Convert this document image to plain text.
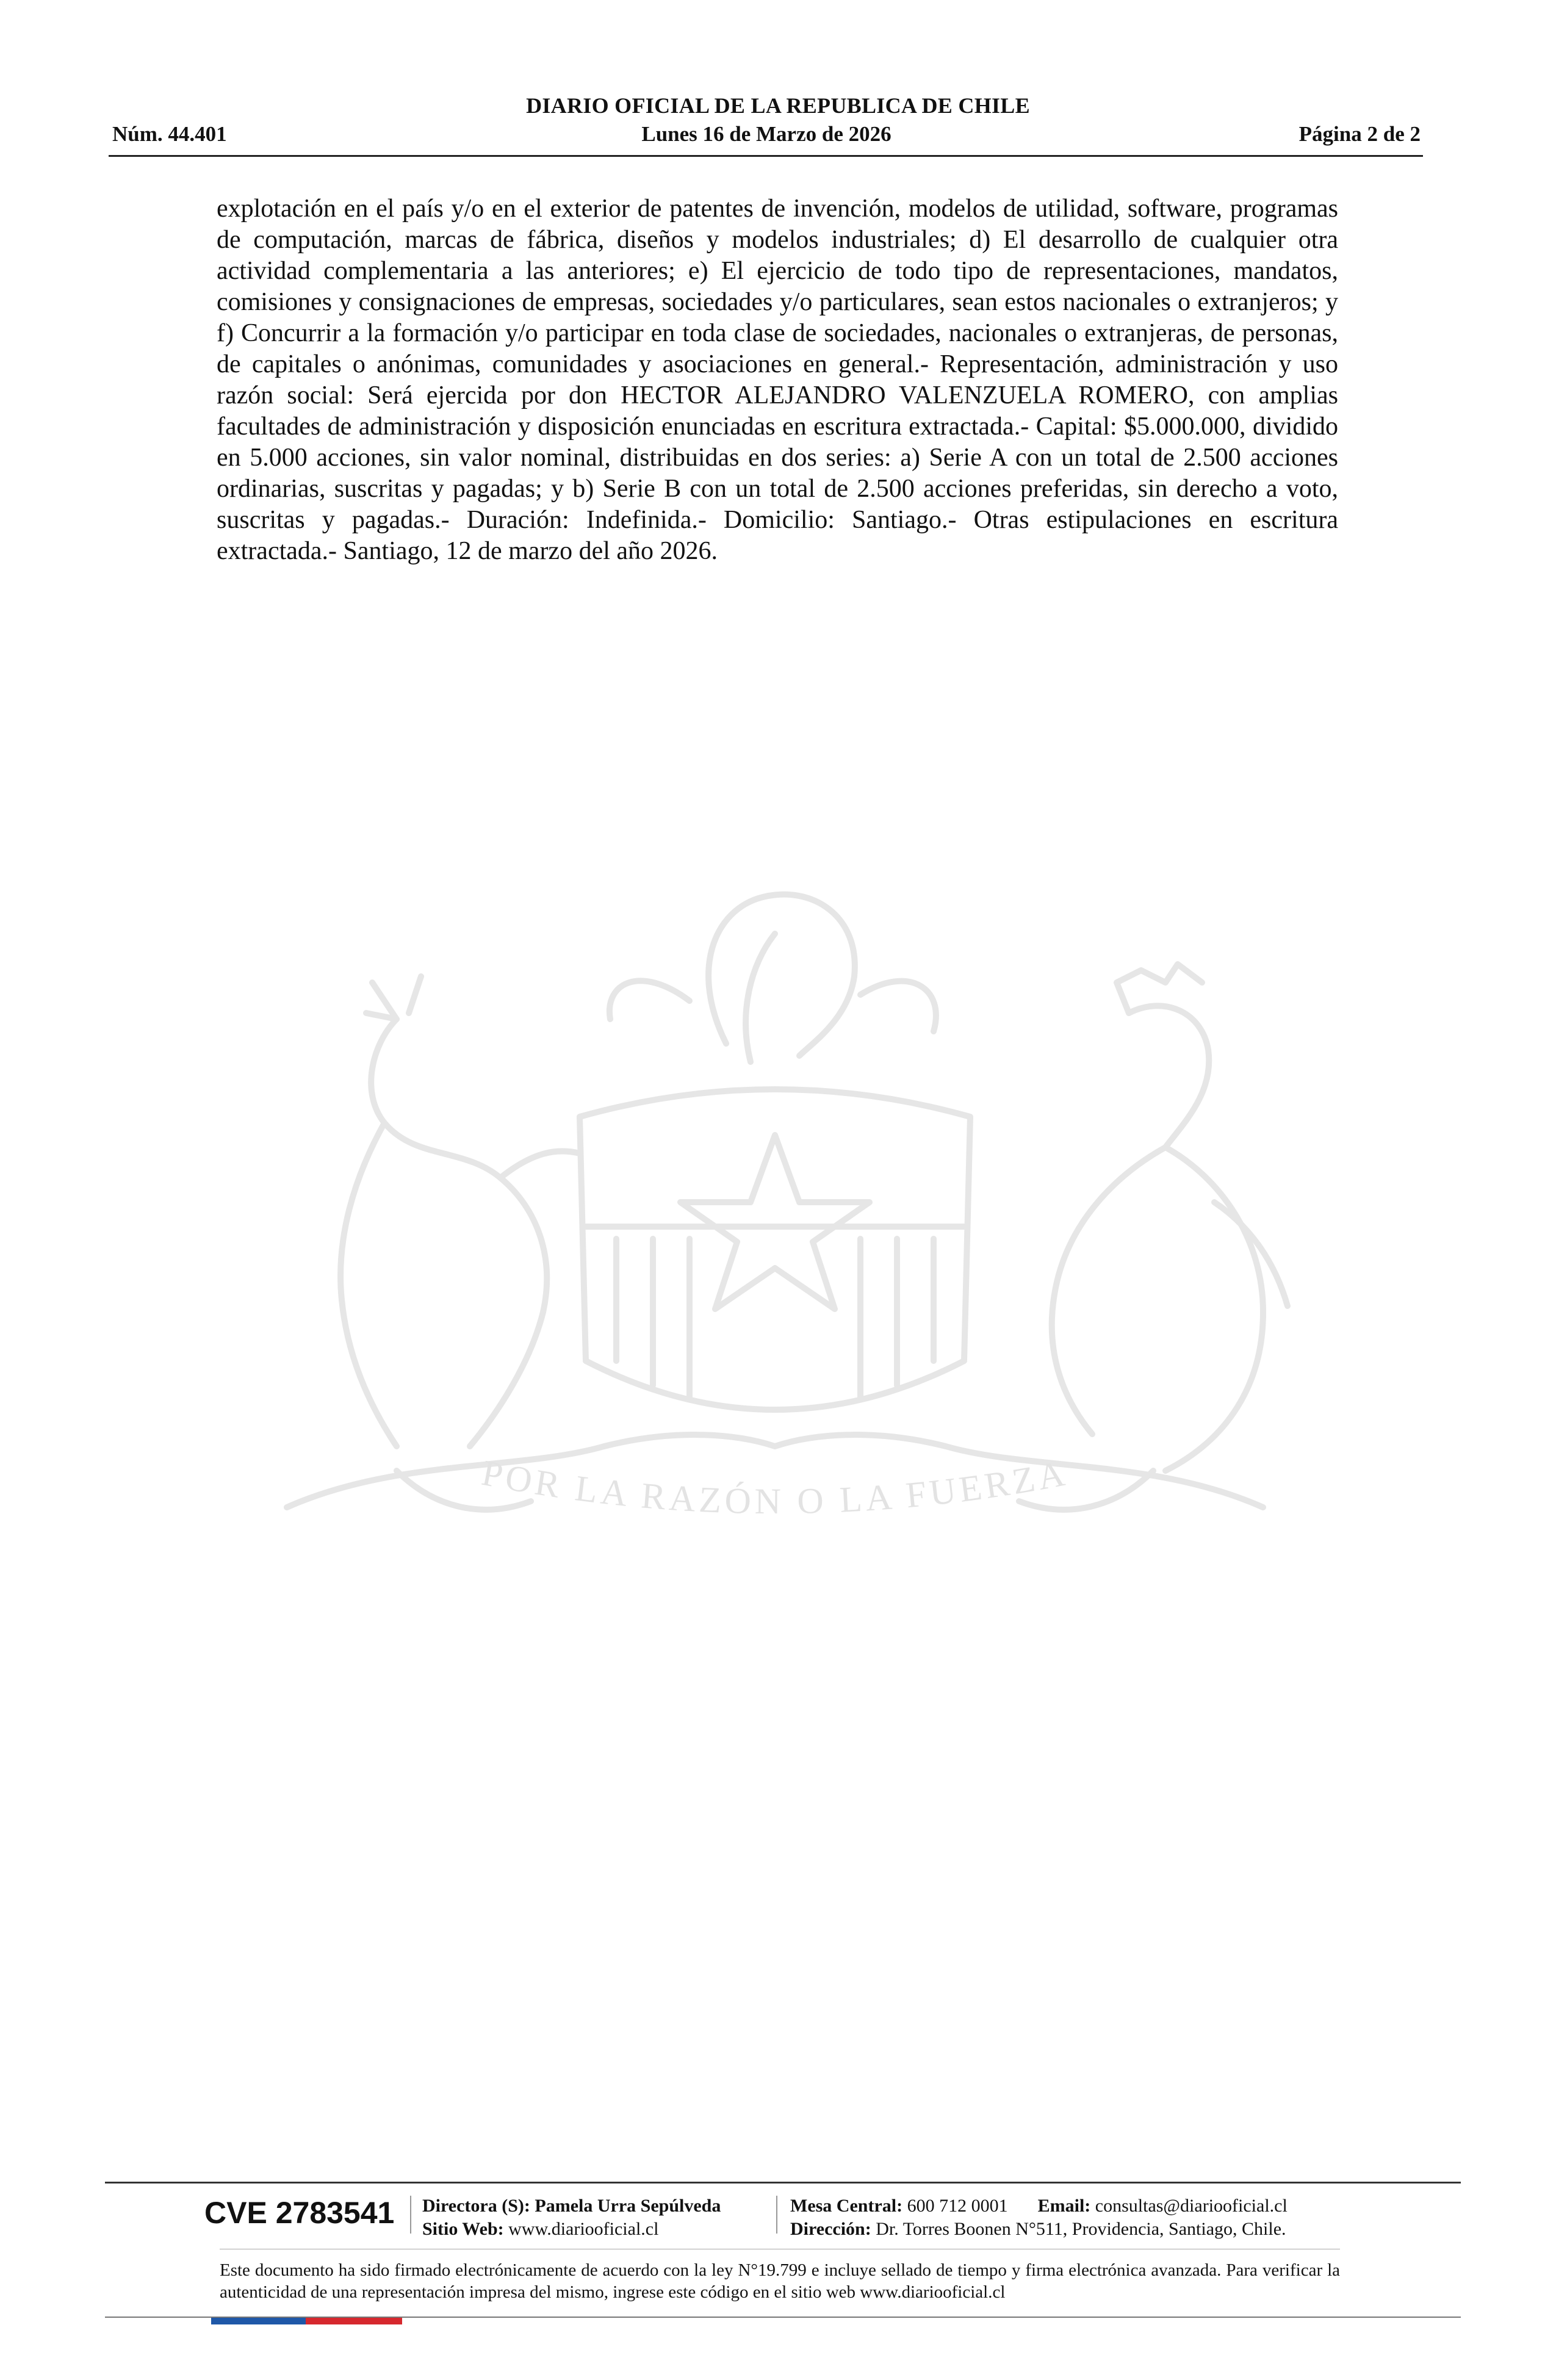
DIARIO OFICIAL DE LA REPUBLICA DE CHILE
Núm. 44.401	Lunes 16 de Marzo de 2026	Página 2 de 2

explotación en el país y/o en el exterior de patentes de invención, modelos de utilidad, software, programas de computación, marcas de fábrica, diseños y modelos industriales; d) El desarrollo de cualquier otra actividad complementaria a las anteriores; e) El ejercicio de todo tipo de representaciones, mandatos, comisiones y consignaciones de empresas, sociedades y/o particulares, sean estos nacionales o extranjeros; y f) Concurrir a la formación y/o participar en toda clase de sociedades, nacionales o extranjeras, de personas, de capitales o anónimas, comunidades y asociaciones en general.- Representación, administración y uso razón social: Será ejercida por don HECTOR ALEJANDRO VALENZUELA ROMERO, con amplias facultades de administración y disposición enunciadas en escritura extractada.- Capital: $5.000.000, dividido en 5.000 acciones, sin valor nominal, distribuidas en dos series: a) Serie A con un total de 2.500 acciones ordinarias, suscritas y pagadas; y b) Serie B con un total de 2.500 acciones preferidas, sin derecho a voto, suscritas y pagadas.- Duración: Indefinida.- Domicilio: Santiago.- Otras estipulaciones en escritura extractada.- Santiago, 12 de marzo del año 2026.

POR LA RAZÓN O LA FUERZA
CVE 2783541 Directora (S): Pamela Urra Sepúlveda
Sitio Web: www.diariooficial.cl
Mesa Central: 600 712 0001 Email: consultas@diariooficial.cl
Dirección: Dr. Torres Boonen N°511, Providencia, Santiago, Chile.
Este documento ha sido firmado electrónicamente de acuerdo con la ley N°19.799 e incluye sellado de tiempo y firma electrónica avanzada. Para verificar la autenticidad de una representación impresa del mismo, ingrese este código en el sitio web www.diariooficial.cl
